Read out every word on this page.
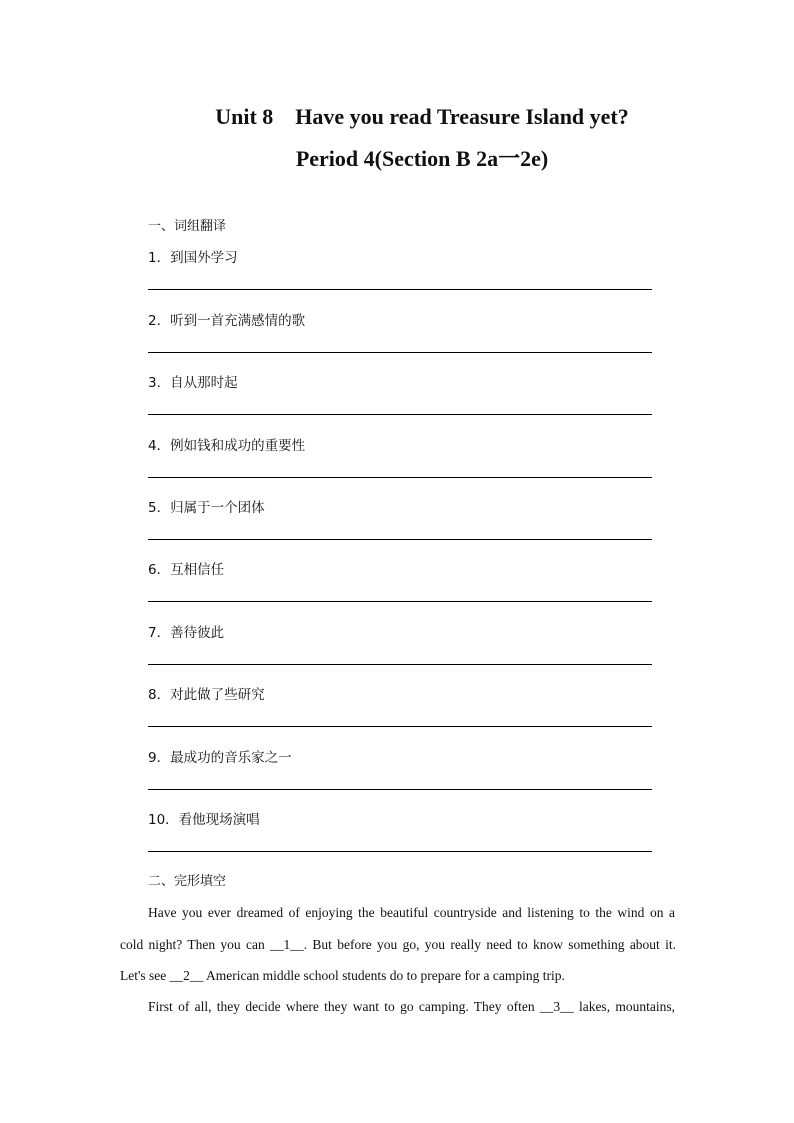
Unit 8    Have you read Treasure Island yet?
Period 4(Section B 2a一2e)
一、词组翻译
1．到国外学习
2．听到一首充满感情的歌
3．自从那时起
4．例如钱和成功的重要性
5．归属于一个团体
6．互相信任
7．善待彼此
8．对此做了些研究
9．最成功的音乐家之一
10．看他现场演唱
二、完形填空
Have you ever dreamed of enjoying the beautiful countryside and listening to the wind on a
cold night? Then you can __1__. But before you go, you really need to know something about it.
Let's see __2__ American middle school students do to prepare for a camping trip.
First of all, they decide where they want to go camping. They often __3__ lakes, mountains,
